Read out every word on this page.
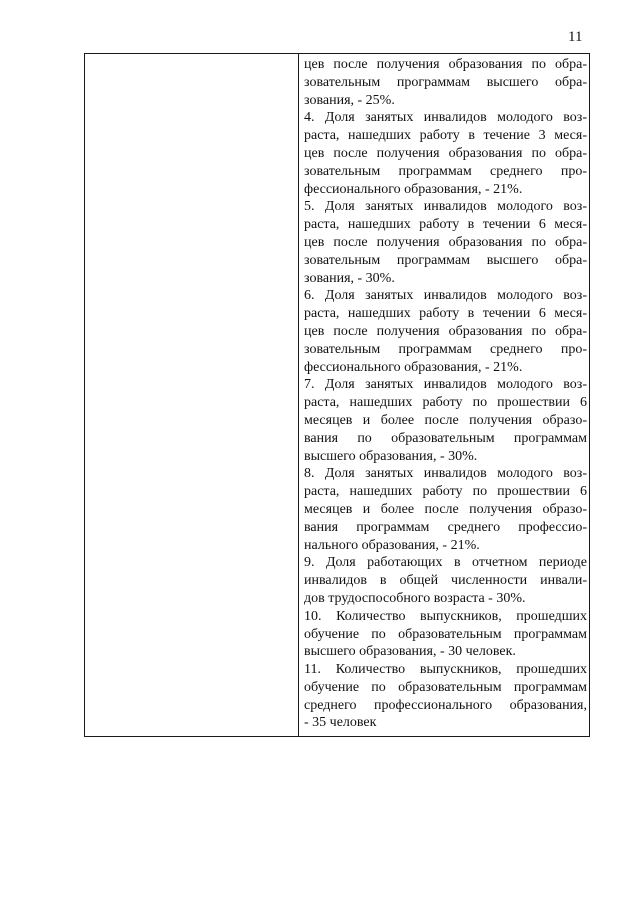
11
цев после получения образования по обра-
зовательным программам высшего обра-
зования, - 25%.
4. Доля занятых инвалидов молодого воз-
раста, нашедших работу в течение 3 меся-
цев после получения образования по обра-
зовательным программам среднего про-
фессионального образования, - 21%.
5. Доля занятых инвалидов молодого воз-
раста, нашедших работу в течении 6 меся-
цев после получения образования по обра-
зовательным программам высшего обра-
зования, - 30%.
6. Доля занятых инвалидов молодого воз-
раста, нашедших работу в течении 6 меся-
цев после получения образования по обра-
зовательным программам среднего про-
фессионального образования, - 21%.
7. Доля занятых инвалидов молодого воз-
раста, нашедших работу по прошествии 6
месяцев и более после получения образо-
вания по образовательным программам
высшего образования, - 30%.
8. Доля занятых инвалидов молодого воз-
раста, нашедших работу по прошествии 6
месяцев и более после получения образо-
вания программам среднего профессио-
нального образования, - 21%.
9. Доля работающих в отчетном периоде
инвалидов в общей численности инвали-
дов трудоспособного возраста - 30%.
10. Количество выпускников, прошедших
обучение по образовательным программам
высшего образования, - 30 человек.
11. Количество выпускников, прошедших
обучение по образовательным программам
среднего профессионального образования,
- 35 человек
